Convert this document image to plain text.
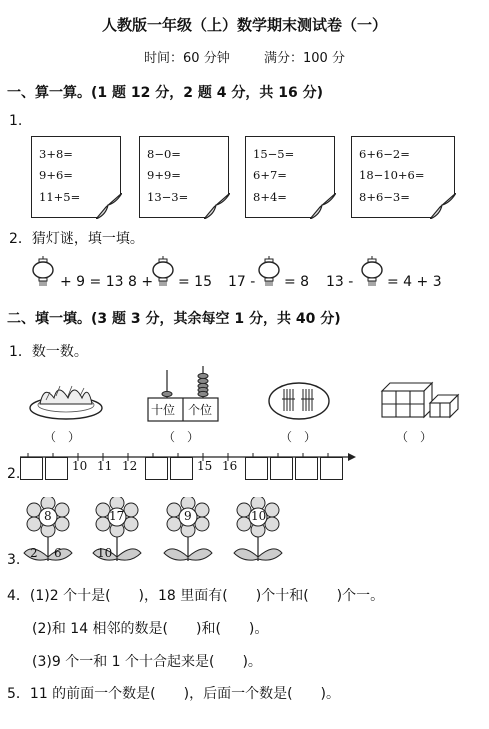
人教版一年级（上）数学期末测试卷（一）
时间：60 分钟	满分：100 分
一、算一算。(1 题 12 分，2 题 4 分，共 16 分)
1.
3+8=
9+6=
11+5=
8−0=
9+9=
13−3=
15−5=
6+7=
8+4=
6+6−2=
18−10+6=
8+6−3=
2．猜灯谜，填一填。
+ 9 = 13 8 + = 15 17 - = 8 13 - = 4 + 3
二、填一填。(3 题 3 分，其余每空 1 分，共 40 分)
1．数一数。
十位 个位
（　）	（　）	（　）	（　）
2.	10 11 12	15 16
3.
8
2 6
17
10
9	10
4．(1)2 个十是(　　)，18 里面有(　　)个十和(　　)个一。
(2)和 14 相邻的数是(　　)和(　　)。
(3)9 个一和 1 个十合起来是(　　)。
5．11 的前面一个数是(　　)，后面一个数是(　　)。
